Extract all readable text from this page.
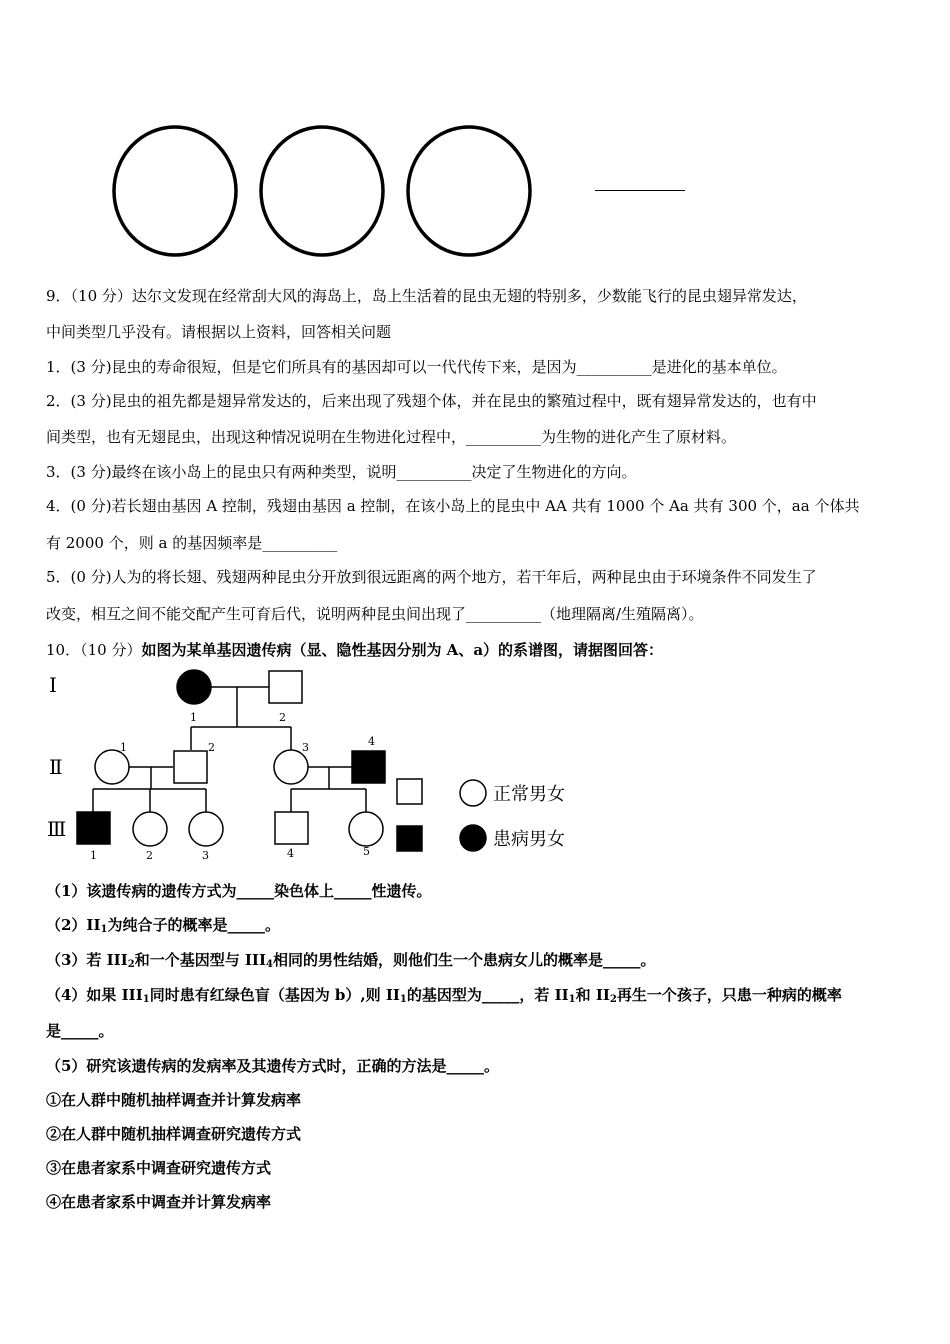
9．（10 分）达尔文发现在经常刮大风的海岛上，岛上生活着的昆虫无翅的特别多，少数能飞行的昆虫翅异常发达，
中间类型几乎没有。请根据以上资料，回答相关问题
1．(3 分)昆虫的寿命很短，但是它们所具有的基因却可以一代代传下来，是因为__________是进化的基本单位。
2．(3 分)昆虫的祖先都是翅异常发达的，后来出现了残翅个体，并在昆虫的繁殖过程中，既有翅异常发达的，也有中
间类型，也有无翅昆虫，出现这种情况说明在生物进化过程中，__________为生物的进化产生了原材料。
3．(3 分)最终在该小岛上的昆虫只有两种类型，说明__________决定了生物进化的方向。
4．(0 分)若长翅由基因 A 控制，残翅由基因 a 控制，在该小岛上的昆虫中 AA 共有 1000 个 Aa 共有 300 个，aa 个体共
有 2000 个，则 a 的基因频率是__________
5．(0 分)人为的将长翅、残翅两种昆虫分开放到很远距离的两个地方，若干年后，两种昆虫由于环境条件不同发生了
改变，相互之间不能交配产生可育后代，说明两种昆虫间出现了__________（地理隔离/生殖隔离）。
10．（10 分）如图为某单基因遗传病（显、隐性基因分别为 A、a）的系谱图，请据图回答：
Ⅰ
Ⅱ
Ⅲ
1	2
1	2	3	4
1	2	3	4	5
正常男女
患病男女
（1）该遗传病的遗传方式为_____染色体上_____性遗传。
$(2)II_1$为纯合子的概率是_____。
（3）若 $III_2$和一个基因型与 $III_4$相同的男性结婚，则他们生一个患病女儿的概率是_____。
（4）如果 $III_1$同时患有红绿色盲（基因为 b）,则 $II_1$的基因型为_____，若 $II_1$和 $II_2$再生一个孩子，只患一种病的概率
是_____。
（5）研究该遗传病的发病率及其遗传方式时，正确的方法是_____。
①在人群中随机抽样调查并计算发病率
②在人群中随机抽样调查研究遗传方式
③在患者家系中调查研究遗传方式
④在患者家系中调查并计算发病率
